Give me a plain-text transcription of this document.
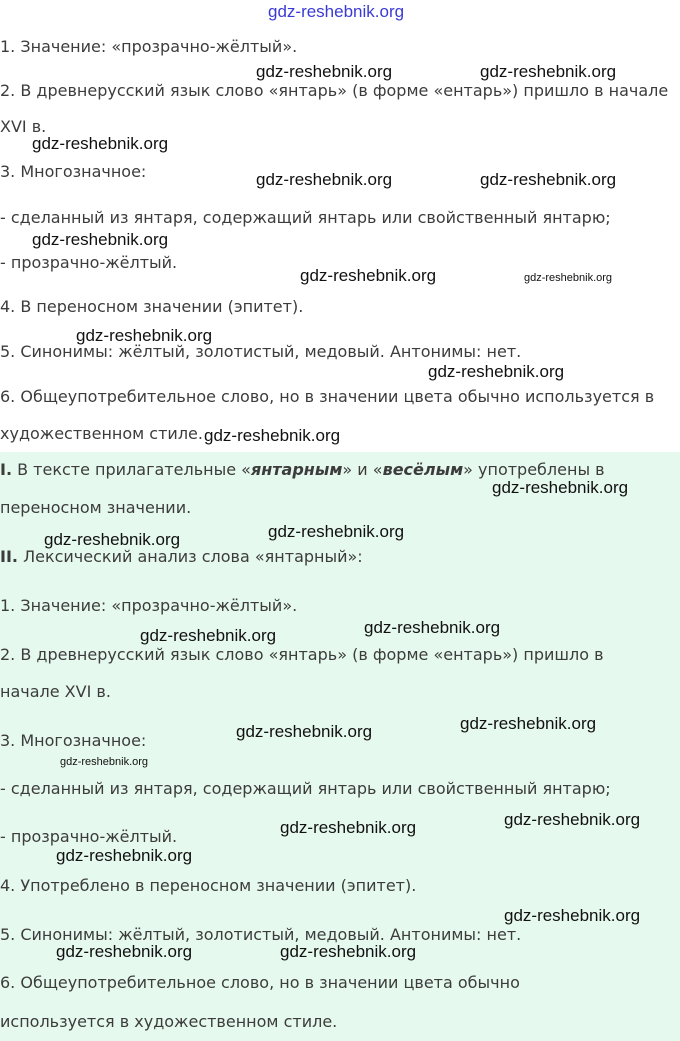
gdz-reshebnik.org
1. Значение: «прозрачно-жёлтый».
2. В древнерусский язык слово «янтарь» (в форме «ентарь») пришло в начале
XVI в.
3. Многозначное:
- сделанный из янтаря, содержащий янтарь или свойственный янтарю;
- прозрачно-жёлтый.
4. В переносном значении (эпитет).
5. Синонимы: жёлтый, золотистый, медовый. Антонимы: нет.
6. Общеупотребительное слово, но в значении цвета обычно используется в
художественном стиле.
I. В тексте прилагательные «янтарным» и «весёлым» употреблены в
переносном значении.
II. Лексический анализ слова «янтарный»:
1. Значение: «прозрачно-жёлтый».
2. В древнерусский язык слово «янтарь» (в форме «ентарь») пришло в
начале XVI в.
3. Многозначное:
- сделанный из янтаря, содержащий янтарь или свойственный янтарю;
- прозрачно-жёлтый.
4. Употреблено в переносном значении (эпитет).
5. Синонимы: жёлтый, золотистый, медовый. Антонимы: нет.
6. Общеупотребительное слово, но в значении цвета обычно
используется в художественном стиле.
gdz-reshebnik.org	gdz-reshebnik.org
gdz-reshebnik.org
gdz-reshebnik.org	gdz-reshebnik.org
gdz-reshebnik.org
gdz-reshebnik.org	gdz-reshebnik.org
gdz-reshebnik.org
gdz-reshebnik.org
gdz-reshebnik.org
gdz-reshebnik.org
gdz-reshebnik.org
gdz-reshebnik.org
gdz-reshebnik.org
gdz-reshebnik.org
gdz-reshebnik.org
gdz-reshebnik.org
gdz-reshebnik.org
gdz-reshebnik.org
gdz-reshebnik.org
gdz-reshebnik.org
gdz-reshebnik.org
gdz-reshebnik.org	gdz-reshebnik.org
